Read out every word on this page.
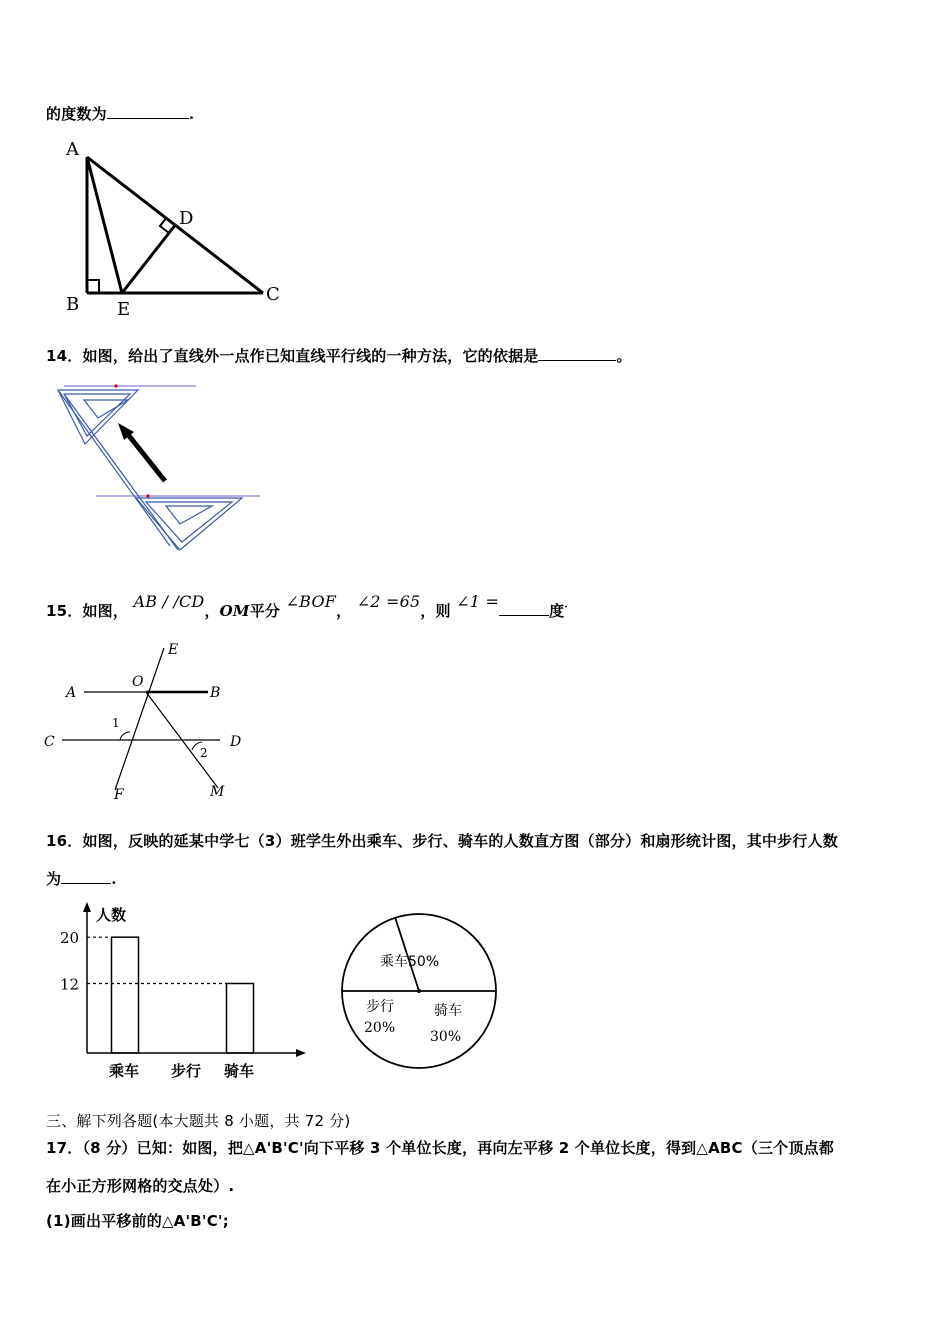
的度数为	.
A
B E
D
C
14．如图，给出了直线外一点作已知直线平行线的一种方法，它的依据是	。
15．如图， AB / /CD，OM平分 ∠BOF， ∠2 =65，则 ∠1 =	度·
E
A
O
B
C	D
1
2
F	M
16．如图，反映的延某中学七（3）班学生外出乘车、步行、骑车的人数直方图（部分）和扇形统计图，其中步行人数
为	.
人数
20
乘车 步行
12
骑车
乘车50%
步行
20%
骑车
30%
三、解下列各题(本大题共 8 小题，共 72 分)
17．（8 分）已知：如图，把△A'B'C'向下平移 3 个单位长度，再向左平移 2 个单位长度，得到△ABC（三个顶点都
在小正方形网格的交点处）.
(1)画出平移前的△A'B'C';
